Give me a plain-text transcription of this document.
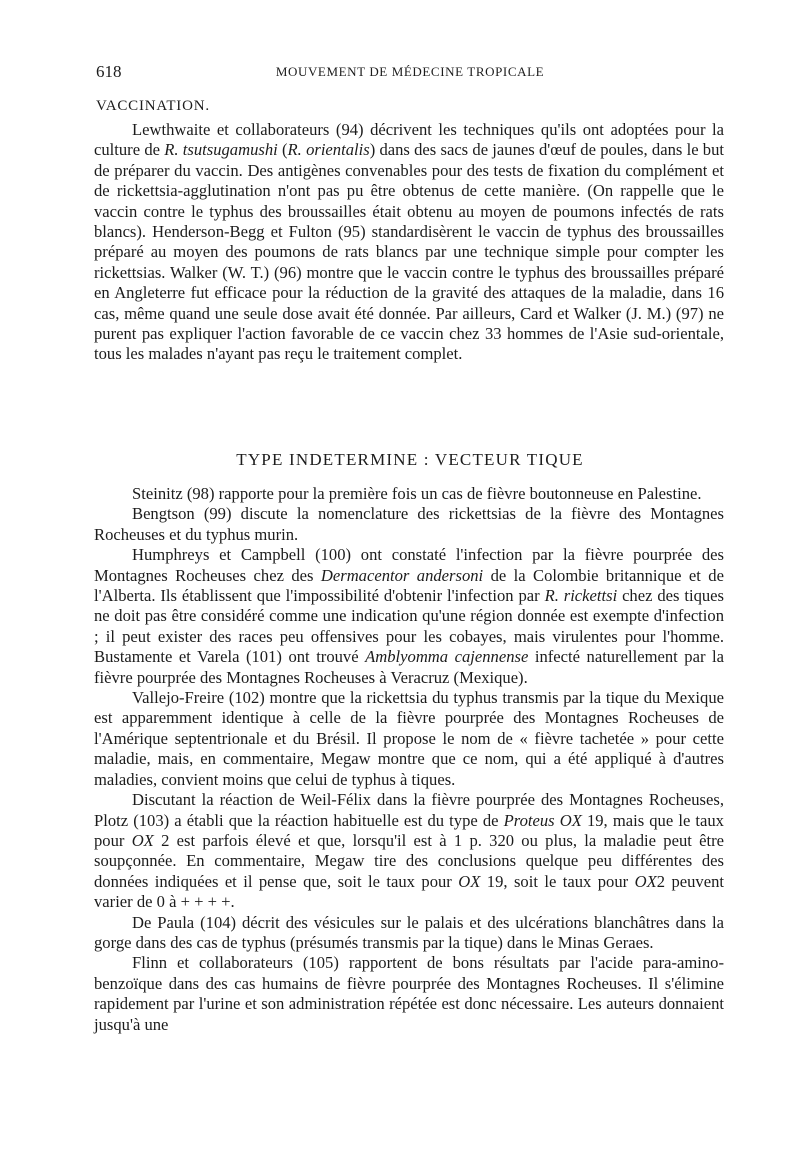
618	MOUVEMENT DE MÉDECINE TROPICALE
VACCINATION.

Lewthwaite et collaborateurs (94) décrivent les techniques qu'ils ont adoptées pour la culture de R. tsutsugamushi (R. orientalis) dans des sacs de jaunes d'œuf de poules, dans le but de préparer du vaccin. Des antigènes convenables pour des tests de fixation du complément et de rickettsia-agglutination n'ont pas pu être obtenus de cette manière. (On rappelle que le vaccin contre le typhus des broussailles était obtenu au moyen de poumons infectés de rats blancs). Henderson-Begg et Fulton (95) standardisèrent le vaccin de typhus des broussailles préparé au moyen des poumons de rats blancs par une technique simple pour compter les rickettsias. Walker (W. T.) (96) montre que le vaccin contre le typhus des broussailles préparé en Angleterre fut efficace pour la réduction de la gravité des attaques de la maladie, dans 16 cas, même quand une seule dose avait été donnée. Par ailleurs, Card et Walker (J. M.) (97) ne purent pas expliquer l'action favorable de ce vaccin chez 33 hommes de l'Asie sud-orientale, tous les malades n'ayant pas reçu le traitement complet.

TYPE INDETERMINE : VECTEUR TIQUE

Steinitz (98) rapporte pour la première fois un cas de fièvre boutonneuse en Palestine.

Bengtson (99) discute la nomenclature des rickettsias de la fièvre des Montagnes Rocheuses et du typhus murin.

Humphreys et Campbell (100) ont constaté l'infection par la fièvre pourprée des Montagnes Rocheuses chez des Dermacentor andersoni de la Colombie britannique et de l'Alberta. Ils établissent que l'impossibilité d'obtenir l'infection par R. rickettsi chez des tiques ne doit pas être considéré comme une indication qu'une région donnée est exempte d'infection ; il peut exister des races peu offensives pour les cobayes, mais virulentes pour l'homme. Bustamente et Varela (101) ont trouvé Amblyomma cajennense infecté naturellement par la fièvre pourprée des Montagnes Rocheuses à Veracruz (Mexique).

Vallejo-Freire (102) montre que la rickettsia du typhus transmis par la tique du Mexique est apparemment identique à celle de la fièvre pourprée des Montagnes Rocheuses de l'Amérique septentrionale et du Brésil. Il propose le nom de « fièvre tachetée » pour cette maladie, mais, en commentaire, Megaw montre que ce nom, qui a été appliqué à d'autres maladies, convient moins que celui de typhus à tiques.

Discutant la réaction de Weil-Félix dans la fièvre pourprée des Montagnes Rocheuses, Plotz (103) a établi que la réaction habituelle est du type de Proteus OX 19, mais que le taux pour OX 2 est parfois élevé et que, lorsqu'il est à 1 p. 320 ou plus, la maladie peut être soupçonnée. En commentaire, Megaw tire des conclusions quelque peu différentes des données indiquées et il pense que, soit le taux pour OX 19, soit le taux pour OX2 peuvent varier de 0 à + + + +.

De Paula (104) décrit des vésicules sur le palais et des ulcérations blanchâtres dans la gorge dans des cas de typhus (présumés transmis par la tique) dans le Minas Geraes.

Flinn et collaborateurs (105) rapportent de bons résultats par l'acide para-amino-benzoïque dans des cas humains de fièvre pourprée des Montagnes Rocheuses. Il s'élimine rapidement par l'urine et son administration répétée est donc nécessaire. Les auteurs donnaient jusqu'à une
